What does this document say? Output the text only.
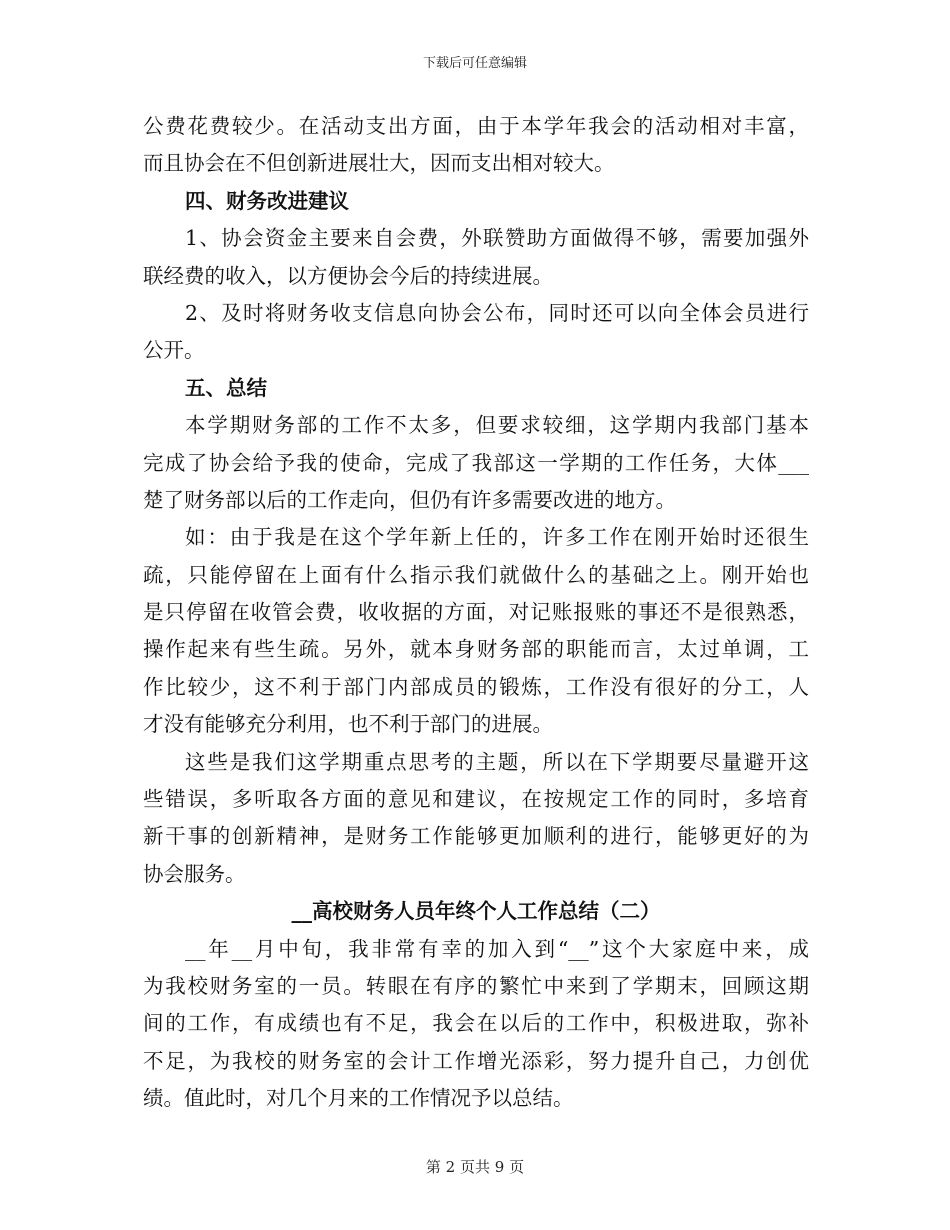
下载后可任意编辑
公费花费较少。在活动支出方面，由于本学年我会的活动相对丰富，
而且协会在不但创新进展壮大，因而支出相对较大。
四、财务改进建议
1、协会资金主要来自会费，外联赞助方面做得不够，需要加强外
联经费的收入，以方便协会今后的持续进展。
2、及时将财务收支信息向协会公布，同时还可以向全体会员进行
公开。
五、总结
本学期财务部的工作不太多，但要求较细，这学期内我部门基本
完成了协会给予我的使命，完成了我部这一学期的工作任务，大体___
楚了财务部以后的工作走向，但仍有许多需要改进的地方。
如：由于我是在这个学年新上任的，许多工作在刚开始时还很生
疏，只能停留在上面有什么指示我们就做什么的基础之上。刚开始也
是只停留在收管会费，收收据的方面，对记账报账的事还不是很熟悉，
操作起来有些生疏。另外，就本身财务部的职能而言，太过单调，工
作比较少，这不利于部门内部成员的锻炼，工作没有很好的分工，人
才没有能够充分利用，也不利于部门的进展。
这些是我们这学期重点思考的主题，所以在下学期要尽量避开这
些错误，多听取各方面的意见和建议，在按规定工作的同时，多培育
新干事的创新精神，是财务工作能够更加顺利的进行，能够更好的为
协会服务。
__高校财务人员年终个人工作总结（二）
__年__月中旬，我非常有幸的加入到“__”这个大家庭中来，成
为我校财务室的一员。转眼在有序的繁忙中来到了学期末，回顾这期
间的工作，有成绩也有不足，我会在以后的工作中，积极进取，弥补
不足，为我校的财务室的会计工作增光添彩，努力提升自己，力创优
绩。值此时，对几个月来的工作情况予以总结。
第 2 页共 9 页
